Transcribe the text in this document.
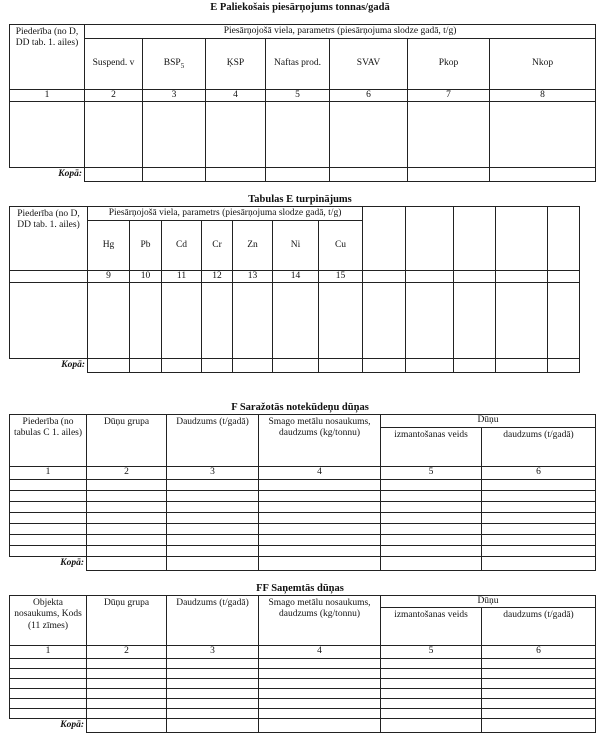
E Paliekošais piesārņojums tonnas/gadā
Piederība (no D, DD tab. 1. ailes)	Piesārņojošā viela, parametrs (piesārņojuma slodze gadā, t/g)						
	Suspend. v	$BSP_5$	ĶSP	Naftas prod.	SVAV	Pkop	Nkop
1	2	3	4	5	6	7	8

Kopā:							
Tabulas E turpinājums
Piederība (no D, DD tab. 1. ailes)	Piesārņojošā viela, parametrs (piesārņojuma slodze gadā, t/g)											
	Hg	Pb	Cd	Cr	Zn	Ni	Cu					
	9	10	11	12	13	14	15					

Kopā:												
F Saražotās notekūdeņu dūņas
Piederība (no tabulas C 1. ailes)	Dūņu grupa	Daudzums (t/gadā)	Smago metālu nosaukums, daudzums (kg/tonnu)	Dūņu	
				izmantošanas veids	daudzums (t/gadā)
1	2	3	4	5	6

Kopā:					
FF Saņemtās dūņas
Objekta nosaukums, Kods (11 zīmes)	Dūņu grupa	Daudzums (t/gadā)	Smago metālu nosaukums, daudzums (kg/tonnu)	Dūņu	
				izmantošanas veids	daudzums (t/gadā)
1	2	3	4	5	6

Kopā:					
